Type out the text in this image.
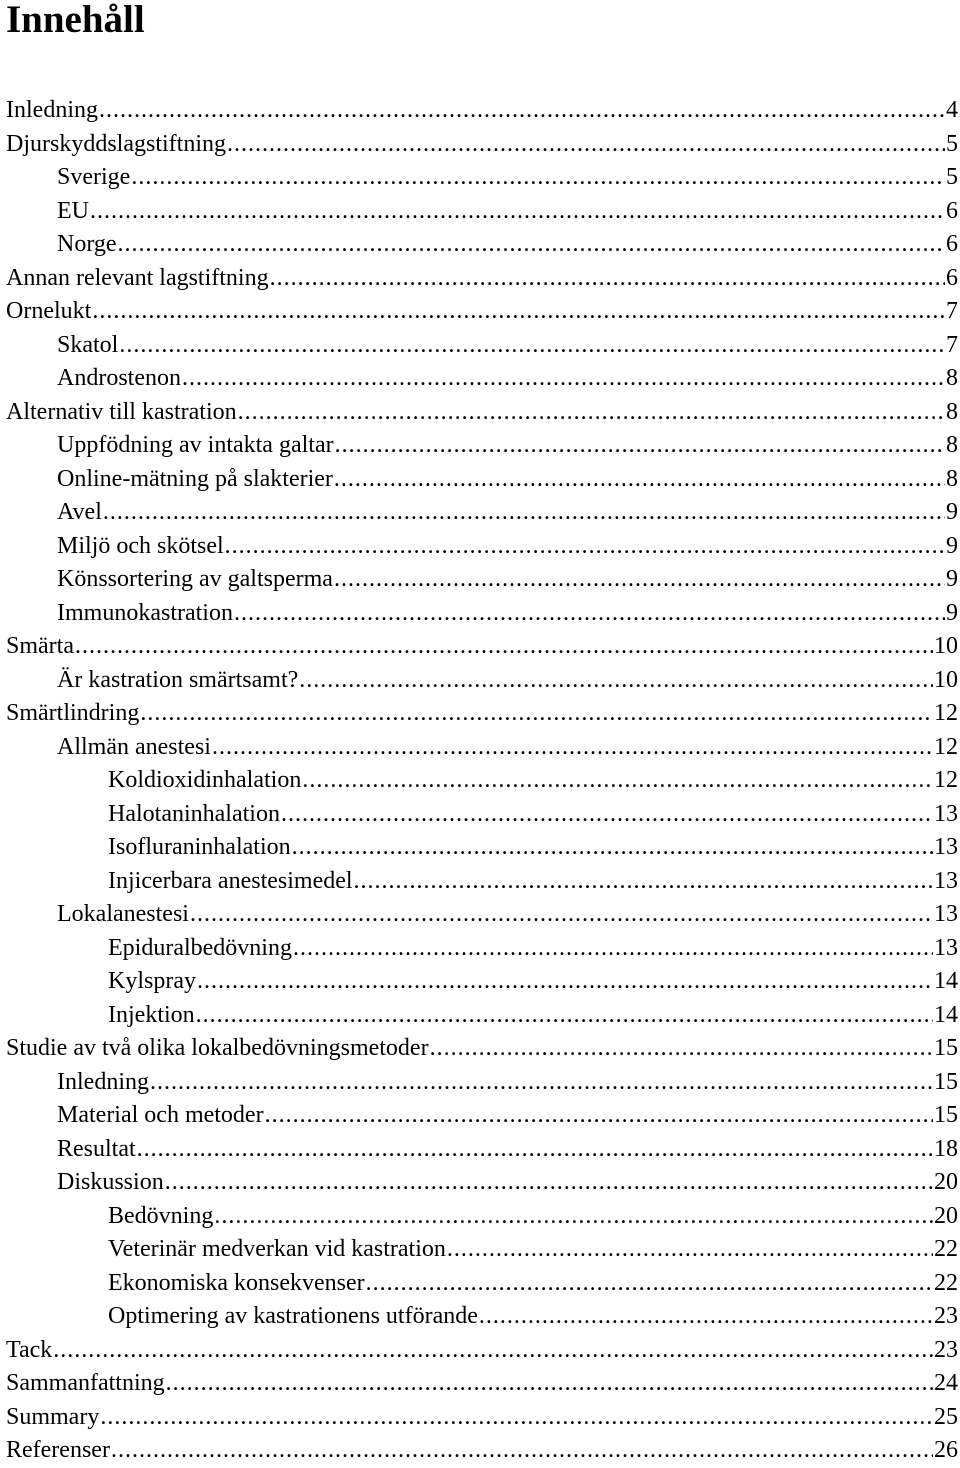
Innehåll
Inledning .....	4
Djurskyddslagstiftning .....	5
Sverige .....	5
EU .....	6
Norge .....	6
Annan relevant lagstiftning .....	6
Ornelukt .....	7
Skatol .....	7
Androstenon .....	8
Alternativ till kastration .....	8
Uppfödning av intakta galtar .....	8
Online-mätning på slakterier .....	8
Avel .....	9
Miljö och skötsel .....	9
Könssortering av galtsperma .....	9
Immunokastration .....	9
Smärta .....	10
Är kastration smärtsamt? .....	10
Smärtlindring .....	12
Allmän anestesi .....	12
Koldioxidinhalation .....	12
Halotaninhalation .....	13
Isofluraninhalation .....	13
Injicerbara anestesimedel .....	13
Lokalanestesi .....	13
Epiduralbedövning .....	13
Kylspray .....	14
Injektion .....	14
Studie av två olika lokalbedövningsmetoder .....	15
Inledning .....	15
Material och metoder .....	15
Resultat .....	18
Diskussion .....	20
Bedövning .....	20
Veterinär medverkan vid kastration .....	22
Ekonomiska konsekvenser .....	22
Optimering av kastrationens utförande .....	23
Tack .....	23
Sammanfattning .....	24
Summary .....	25
Referenser .....	26
